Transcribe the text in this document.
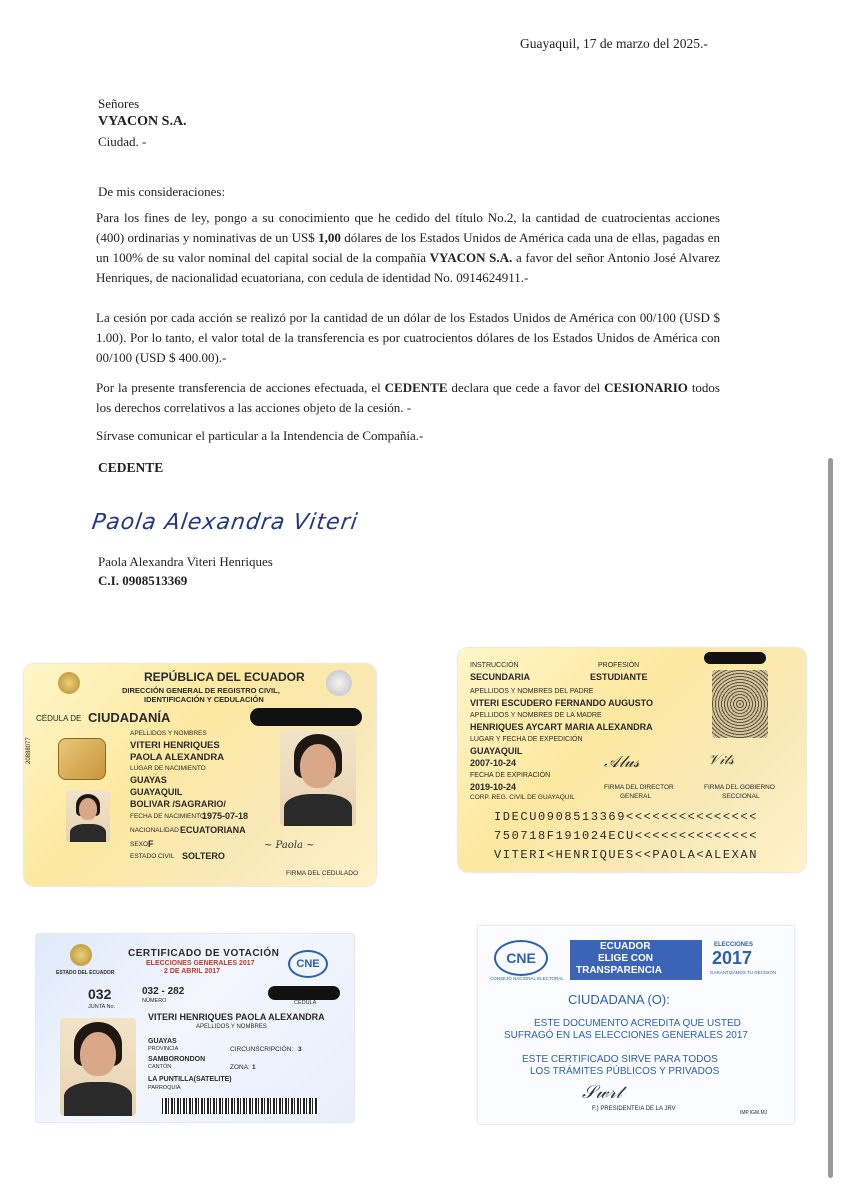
Guayaquil, 17 de marzo del 2025.-
Señores
VYACON S.A.
Ciudad. -
De mis consideraciones:
Para los fines de ley, pongo a su conocimiento que he cedido del título No.2, la cantidad de cuatrocientas acciones (400) ordinarias y nominativas de un US$ 1,00 dólares de los Estados Unidos de América cada una de ellas, pagadas en un 100% de su valor nominal del capital social de la compañía VYACON S.A. a favor del señor Antonio José Alvarez Henriques, de nacionalidad ecuatoriana, con cedula de identidad No. 0914624911.-
La cesión por cada acción se realizó por la cantidad de un dólar de los Estados Unidos de América con 00/100 (USD $ 1.00). Por lo tanto, el valor total de la transferencia es por cuatrocientos dólares de los Estados Unidos de América con 00/100 (USD $ 400.00).-
Por la presente transferencia de acciones efectuada, el CEDENTE declara que cede a favor del CESIONARIO todos los derechos correlativos a las acciones objeto de la cesión. -
Sírvase comunicar el particular a la Intendencia de Compañía.-
CEDENTE
Paola Alexandra Viteri
Paola Alexandra Viteri Henriques
C.I. 0908513369
REPÚBLICA DEL ECUADOR
DIRECCIÓN GENERAL DE REGISTRO CIVIL,
IDENTIFICACIÓN Y CEDULACIÓN
CÉDULA DE CIUDADANÍA
20888077
APELLIDOS Y NOMBRES
VITERI HENRIQUES
PAOLA ALEXANDRA
LUGAR DE NACIMIENTO
GUAYAS
GUAYAQUIL
BOLIVAR /SAGRARIO/
FECHA DE NACIMIENTO
1975-07-18
NACIONALIDAD ECUATORIANA
SEXO F
ESTADO CIVIL SOLTERO
~ Paola ~
FIRMA DEL CEDULADO
INSTRUCCIÓN
SECUNDARIA
PROFESIÓN
ESTUDIANTE
APELLIDOS Y NOMBRES DEL PADRE
VITERI ESCUDERO FERNANDO AUGUSTO
APELLIDOS Y NOMBRES DE LA MADRE
HENRIQUES AYCART MARIA ALEXANDRA
LUGAR Y FECHA DE EXPEDICIÓN
GUAYAQUIL
2007-10-24
FECHA DE EXPIRACIÓN
2019-10-24
CORP. REG. CIVIL DE GUAYAQUIL
𝒜𝓁𝓊𝓈	𝒱𝒾𝓉𝓈
FIRMA DEL DIRECTOR
GENERAL
FIRMA DEL GOBIERNO
SECCIONAL
IDECU0908513369<<<<<<<<<<<<<<<
750718F191024ECU<<<<<<<<<<<<<<
VITERI<HENRIQUES<<PAOLA<ALEXAN
ESTADO DEL ECUADOR
CERTIFICADO DE VOTACIÓN
ELECCIONES GENERALES 2017
2 DE ABRIL 2017
CNE
032
JUNTA No.
032 - 282
NÚMERO	CÉDULA
VITERI HENRIQUES PAOLA ALEXANDRA
APELLIDOS Y NOMBRES
GUAYAS
PROVINCIA	CIRCUNSCRIPCIÓN: 3
SAMBORONDON
CANTÓN	ZONA: 1
LA PUNTILLA(SATELITE)
PARROQUIA
CNE
CONSEJO NACIONAL ELECTORAL
ECUADOR
ELIGE CON
TRANSPARENCIA
ELECCIONES
2017
GARANTIZAMOS TU DECISIÓN
CIUDADANA (O):
ESTE DOCUMENTO ACREDITA QUE USTED
SUFRAGÓ EN LAS ELECCIONES GENERALES 2017
ESTE CERTIFICADO SIRVE PARA TODOS
LOS TRÁMITES PÚBLICOS Y PRIVADOS
𝒮𝓌𝓇𝓉
F.) PRESIDENTE/A DE LA JRV
IMP.IGM.MJ
